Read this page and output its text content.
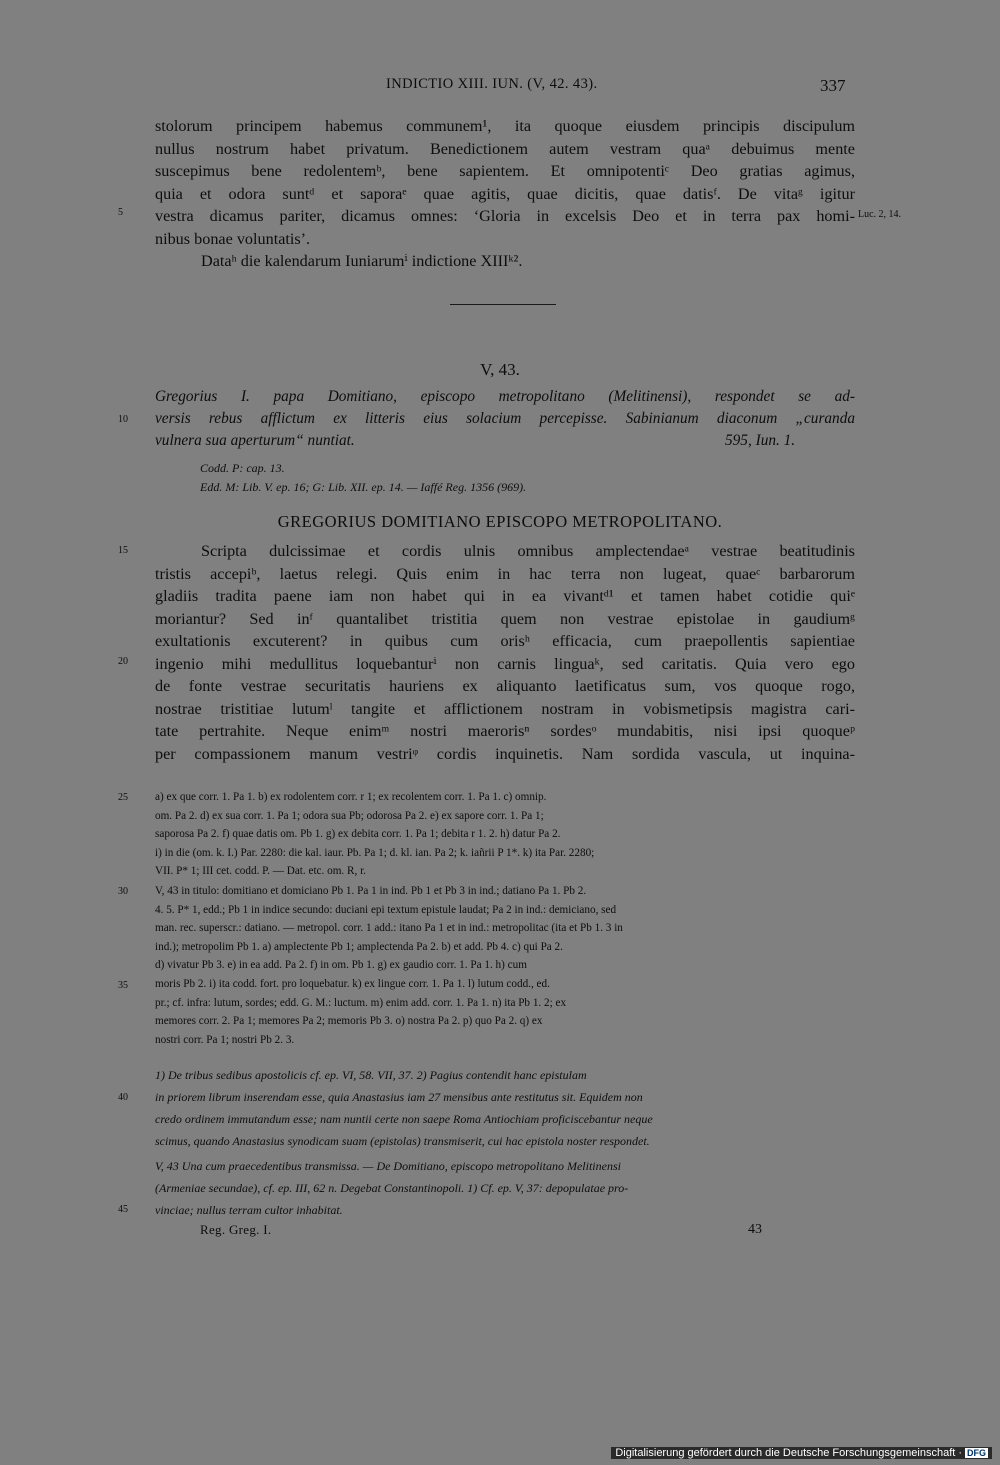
INDICTIO XIII. IUN. (V, 42. 43).	337
stolorum principem habemus communem¹, ita quoque eiusdem principis discipulum
nullus nostrum habet privatum. Benedictionem autem vestram quaᵃ debuimus mente
suscepimus bene redolentemᵇ, bene sapientem. Et omnipotentiᶜ Deo gratias agimus,
quia et odora suntᵈ et saporaᵉ quae agitis, quae dicitis, quae datisᶠ. De vitaᵍ igitur
vestra dicamus pariter, dicamus omnes: ‘Gloria in excelsis Deo et in terra pax homi-
nibus bonae voluntatis’.
Dataʰ die kalendarum Iuniarumⁱ indictione XIIIᵏ².
Luc. 2, 14.
V, 43.
Gregorius I. papa Domitiano, episcopo metropolitano (Melitinensi), respondet se ad-
versis rebus afflictum ex litteris eius solacium percepisse. Sabinianum diaconum „curanda
vulnera sua aperturum“ nuntiat.	595, Iun. 1.
Codd. P: cap. 13.
Edd. M: Lib. V. ep. 16; G: Lib. XII. ep. 14. — Iaffé Reg. 1356 (969).
GREGORIUS DOMITIANO EPISCOPO METROPOLITANO.
Scripta dulcissimae et cordis ulnis omnibus amplectendaeᵃ vestrae beatitudinis
tristis accepiᵇ, laetus relegi. Quis enim in hac terra non lugeat, quaeᶜ barbarorum
gladiis tradita paene iam non habet qui in ea vivantᵈ¹ et tamen habet cotidie quiᵉ
moriantur? Sed inᶠ quantalibet tristitia quem non vestrae epistolae in gaudiumᵍ
exultationis excuterent? in quibus cum orisʰ efficacia, cum praepollentis sapientiae
ingenio mihi medullitus loquebanturⁱ non carnis linguaᵏ, sed caritatis. Quia vero ego
de fonte vestrae securitatis hauriens ex aliquanto laetificatus sum, vos quoque rogo,
nostrae tristitiae lutumˡ tangite et afflictionem nostram in vobismetipsis magistra cari-
tate pertrahite. Neque enimᵐ nostri maerorisⁿ sordesᵒ mundabitis, nisi ipsi quoqueᵖ
per compassionem manum vestriᵠ cordis inquinetis. Nam sordida vascula, ut inquina-
a) ex que corr. 1. Pa 1. b) ex rodolentem corr. r 1; ex recolentem corr. 1. Pa 1. c) omnip.
om. Pa 2. d) ex sua corr. 1. Pa 1; odora sua Pb; odorosa Pa 2. e) ex sapore corr. 1. Pa 1;
saporosa Pa 2. f) quae datis om. Pb 1. g) ex debita corr. 1. Pa 1; debita r 1. 2. h) datur Pa 2.
i) in die (om. k. I.) Par. 2280: die kal. iaur. Pb. Pa 1; d. kl. ian. Pa 2; k. iañrii P 1*. k) ita Par. 2280;
VII. P* 1; III cet. codd. P. — Dat. etc. om. R, r.
V, 43 in titulo: domitiano et domiciano Pb 1. Pa 1 in ind. Pb 1 et Pb 3 in ind.; datiano Pa 1. Pb 2.
4. 5. P* 1, edd.; Pb 1 in indice secundo: duciani epi textum epistule laudat; Pa 2 in ind.: demiciano, sed
man. rec. superscr.: datiano. — metropol. corr. 1 add.: itano Pa 1 et in ind.: metropolitac (ita et Pb 1. 3 in
ind.); metropolim Pb 1. a) amplectente Pb 1; amplectenda Pa 2. b) et add. Pb 4. c) qui Pa 2.
d) vivatur Pb 3. e) in ea add. Pa 2. f) in om. Pb 1. g) ex gaudio corr. 1. Pa 1. h) cum
moris Pb 2. i) ita codd. fort. pro loquebatur. k) ex lingue corr. 1. Pa 1. l) lutum codd., ed.
pr.; cf. infra: lutum, sordes; edd. G. M.: luctum. m) enim add. corr. 1. Pa 1. n) ita Pb 1. 2; ex
memores corr. 2. Pa 1; memores Pa 2; memoris Pb 3. o) nostra Pa 2. p) quo Pa 2. q) ex
nostri corr. Pa 1; nostri Pb 2. 3.
1) De tribus sedibus apostolicis cf. ep. VI, 58. VII, 37. 2) Pagius contendit hanc epistulam
in priorem librum inserendam esse, quia Anastasius iam 27 mensibus ante restitutus sit. Equidem non
credo ordinem immutandum esse; nam nuntii certe non saepe Roma Antiochiam proficiscebantur neque
scimus, quando Anastasius synodicam suam (epistolas) transmiserit, cui hac epistola noster respondet.
V, 43 Una cum praecedentibus transmissa. — De Domitiano, episcopo metropolitano Melitinensi
(Armeniae secundae), cf. ep. III, 62 n. Degebat Constantinopoli. 1) Cf. ep. V, 37: depopulatae pro-
vinciae; nullus terram cultor inhabitat.
5
10
15
20
25
30
35
40
45
Reg. Greg. I.	43
Digitalisierung gefördert durch die Deutsche Forschungsgemeinschaft · DFG
